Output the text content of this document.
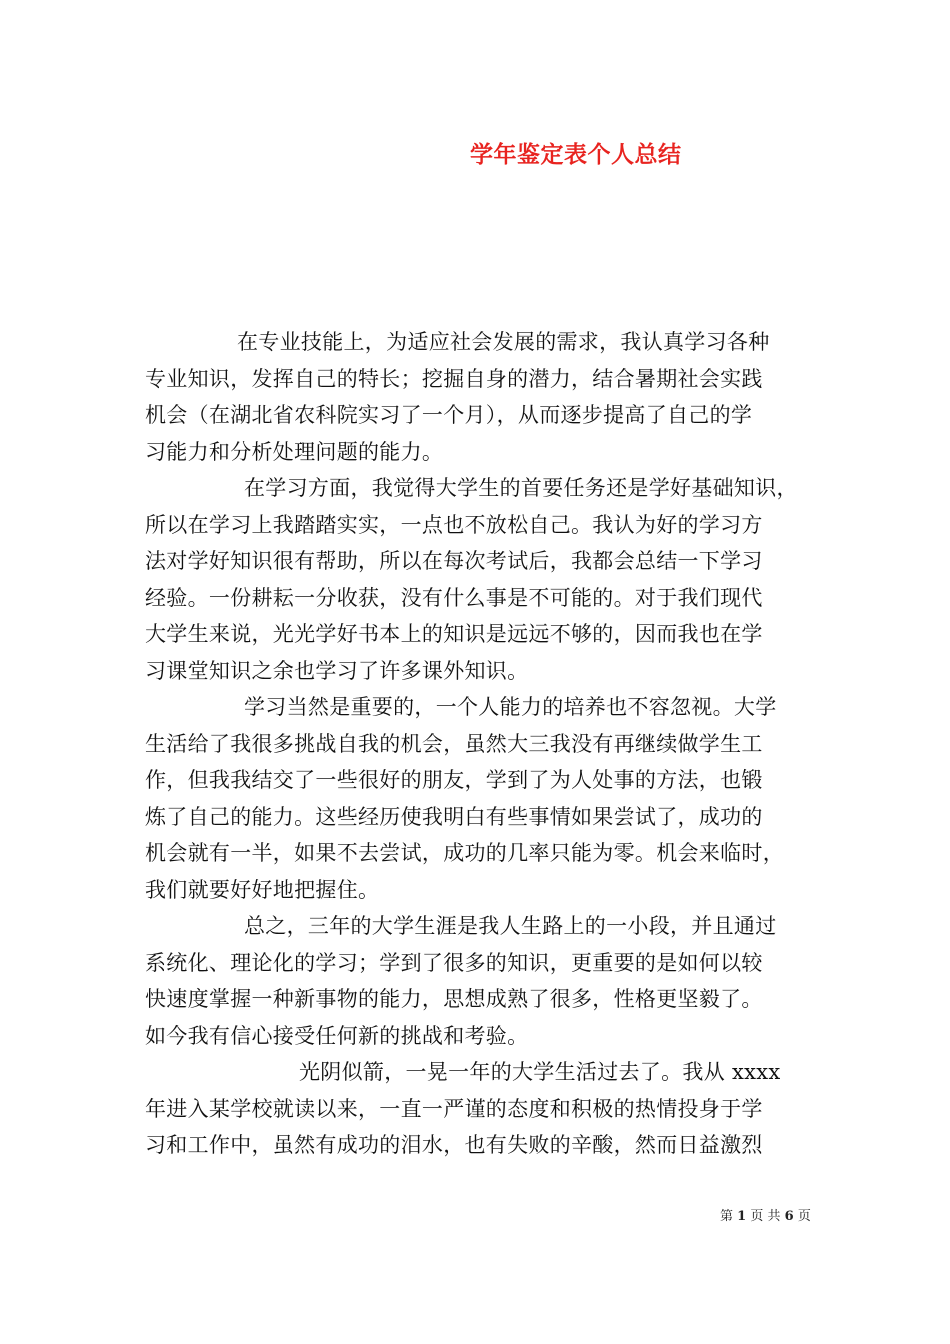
学年鉴定表个人总结
在专业技能上，为适应社会发展的需求，我认真学习各种
专业知识，发挥自己的特长；挖掘自身的潜力，结合暑期社会实践
机会（在湖北省农科院实习了一个月），从而逐步提高了自己的学
习能力和分析处理问题的能力。
在学习方面，我觉得大学生的首要任务还是学好基础知识，
所以在学习上我踏踏实实，一点也不放松自己。我认为好的学习方
法对学好知识很有帮助，所以在每次考试后，我都会总结一下学习
经验。一份耕耘一分收获，没有什么事是不可能的。对于我们现代
大学生来说，光光学好书本上的知识是远远不够的，因而我也在学
习课堂知识之余也学习了许多课外知识。
学习当然是重要的，一个人能力的培养也不容忽视。大学
生活给了我很多挑战自我的机会，虽然大三我没有再继续做学生工
作，但我我结交了一些很好的朋友，学到了为人处事的方法，也锻
炼了自己的能力。这些经历使我明白有些事情如果尝试了，成功的
机会就有一半，如果不去尝试，成功的几率只能为零。机会来临时，
我们就要好好地把握住。
总之，三年的大学生涯是我人生路上的一小段，并且通过
系统化、理论化的学习；学到了很多的知识，更重要的是如何以较
快速度掌握一种新事物的能力，思想成熟了很多，性格更坚毅了。
如今我有信心接受任何新的挑战和考验。
光阴似箭，一晃一年的大学生活过去了。我从 xxxx
年进入某学校就读以来，一直一严谨的态度和积极的热情投身于学
习和工作中，虽然有成功的泪水，也有失败的辛酸，然而日益激烈
第 1 页 共 6 页
